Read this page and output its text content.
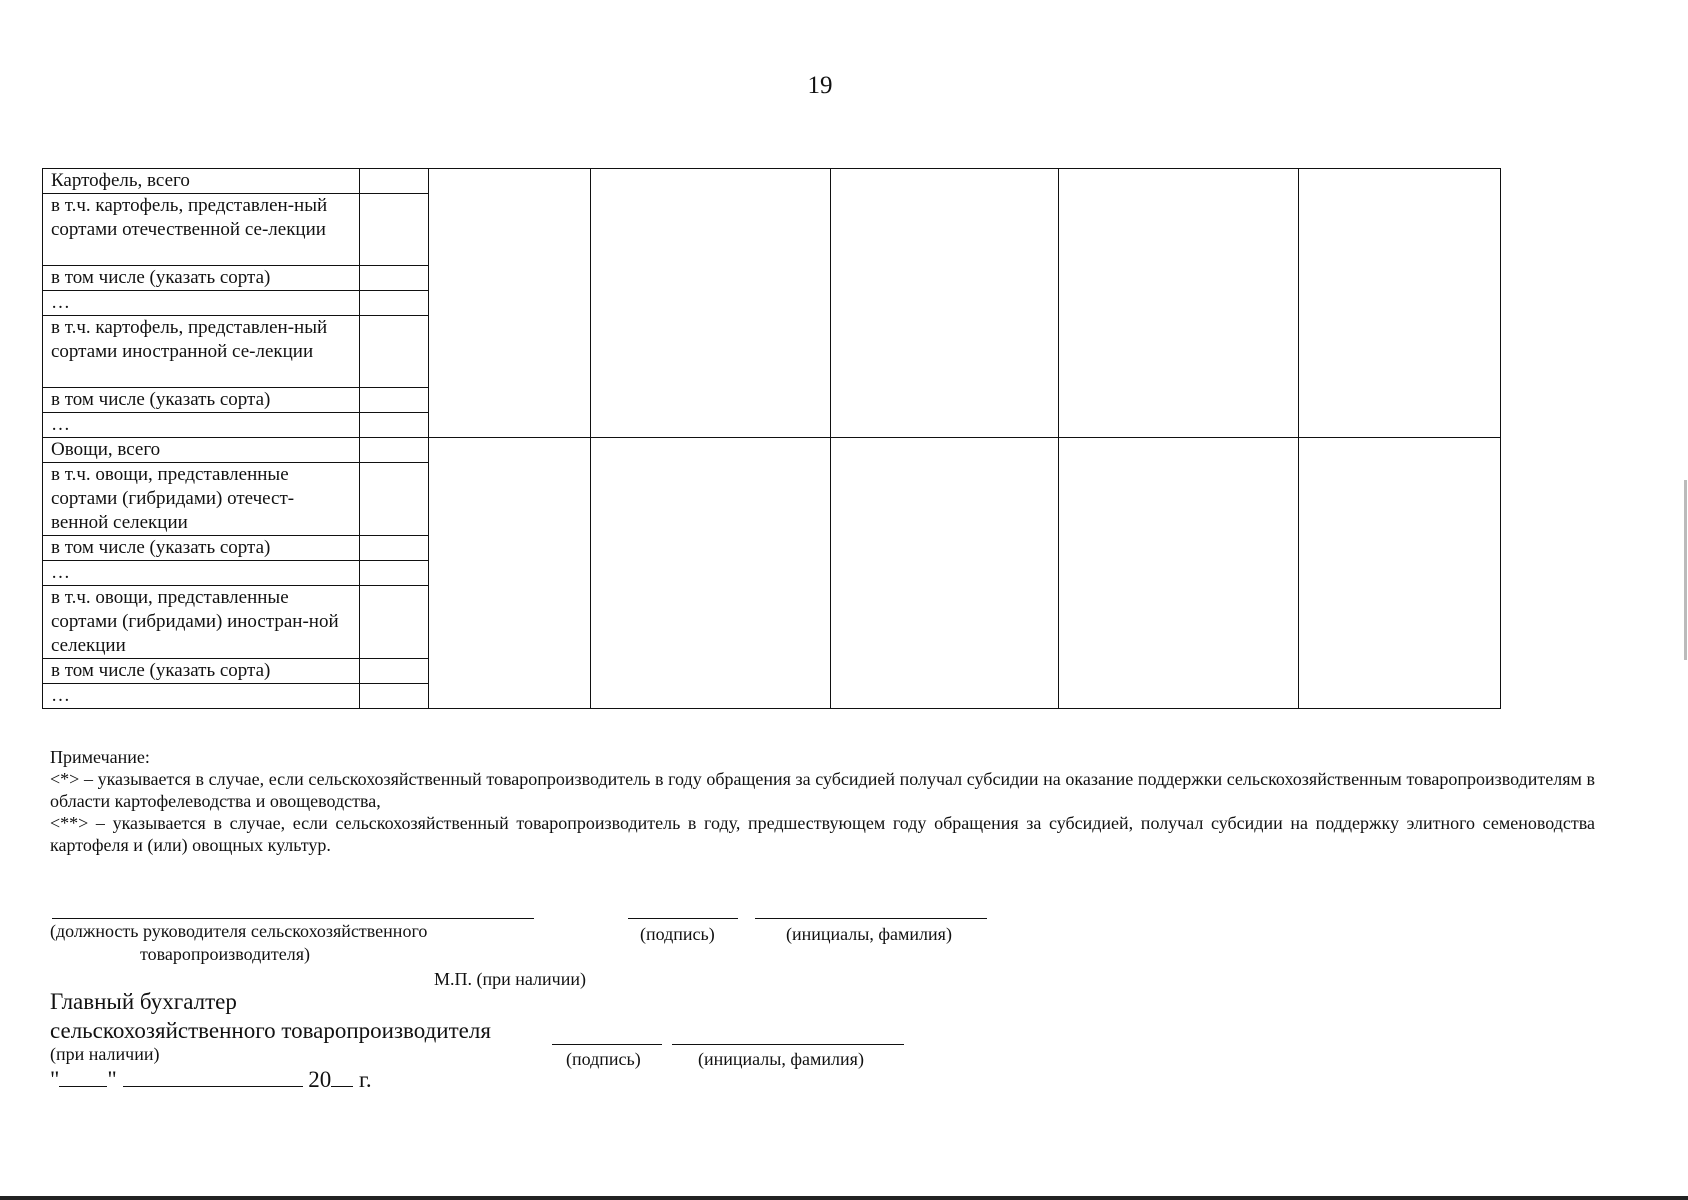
19
Картофель, всего						
в т.ч. картофель, представлен-ный сортами отечественной се-лекции						
в том числе (указать сорта)						
…						
в т.ч. картофель, представлен-ный сортами иностранной се-лекции						
в том числе (указать сорта)						
…						
Овощи, всего						
в т.ч. овощи, представленные сортами (гибридами) отечест-венной селекции						
в том числе (указать сорта)						
…						
в т.ч. овощи, представленные сортами (гибридами) иностран-ной селекции						
в том числе (указать сорта)						
…						

Примечание:

<*> – указывается в случае, если сельскохозяйственный товаропроизводитель в году обращения за субсидией получал субсидии на оказание поддержки сельскохозяйственным товаропроизводителям в области картофелеводства и овощеводства,

<**> – указывается в случае, если сельскохозяйственный товаропроизводитель в году, предшествующем году обращения за субсидией, получал субсидии на поддержку элитного семеноводства картофеля и (или) овощных культур.

(должность руководителя сельскохозяйственного
товаропроизводителя)
(подпись)	(инициалы, фамилия)
М.П. (при наличии)
Главный бухгалтер
сельскохозяйственного товаропроизводителя
(при наличии)	(подпись)	(инициалы, фамилия)
" "	20 г.
